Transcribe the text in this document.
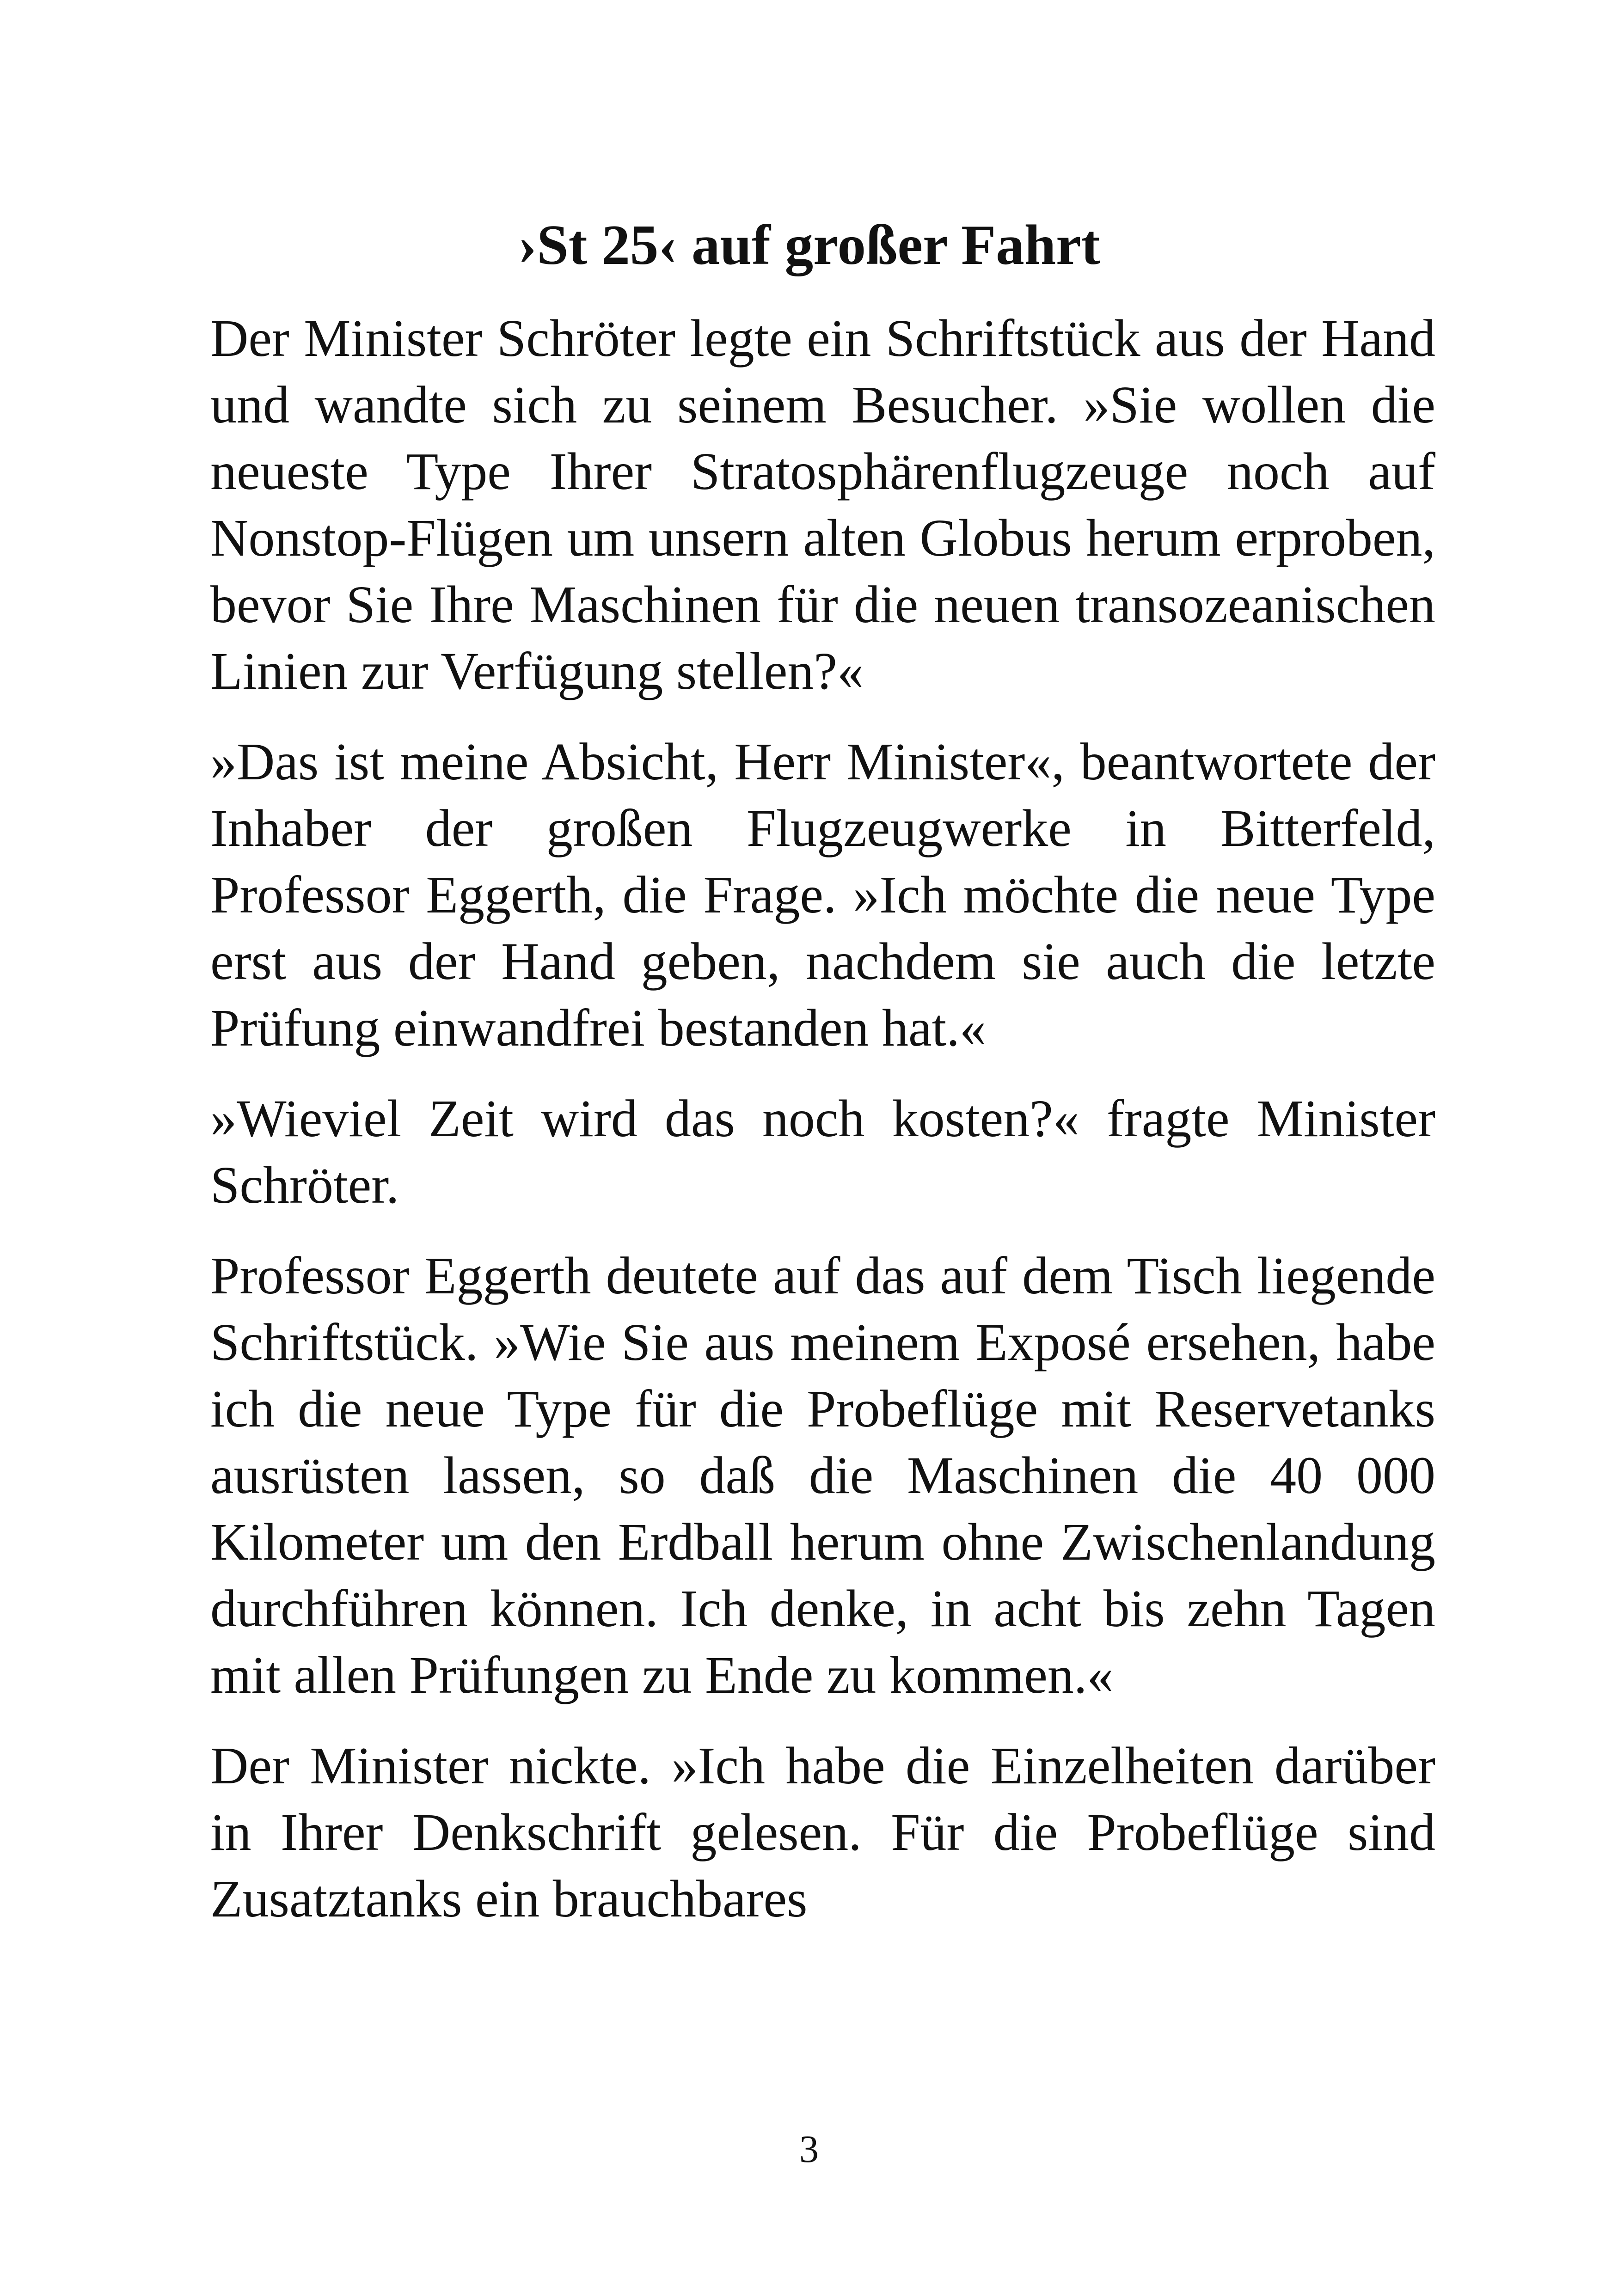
›St 25‹ auf großer Fahrt

Der Minister Schröter legte ein Schriftstück aus der Hand und wandte sich zu seinem Besucher. »Sie wollen die neueste Type Ihrer Stratosphärenflugzeuge noch auf Nonstop-Flügen um unsern alten Globus herum erproben, bevor Sie Ihre Maschinen für die neuen transozeanischen Linien zur Verfügung stellen?«

»Das ist meine Absicht, Herr Minister«, beantwortete der Inhaber der großen Flugzeugwerke in Bitterfeld, Professor Eggerth, die Frage. »Ich möchte die neue Type erst aus der Hand geben, nachdem sie auch die letzte Prüfung einwandfrei bestanden hat.«

»Wieviel Zeit wird das noch kosten?« fragte Minister Schröter.

Professor Eggerth deutete auf das auf dem Tisch liegende Schriftstück. »Wie Sie aus meinem Exposé ersehen, habe ich die neue Type für die Probeflüge mit Reservetanks ausrüsten lassen, so daß die Maschinen die 40 000 Kilometer um den Erdball herum ohne Zwischenlandung durchführen können. Ich denke, in acht bis zehn Tagen mit allen Prüfungen zu Ende zu kommen.«

Der Minister nickte. »Ich habe die Einzelheiten darüber in Ihrer Denkschrift gelesen. Für die Probeflüge sind Zusatztanks ein brauchbares

3
